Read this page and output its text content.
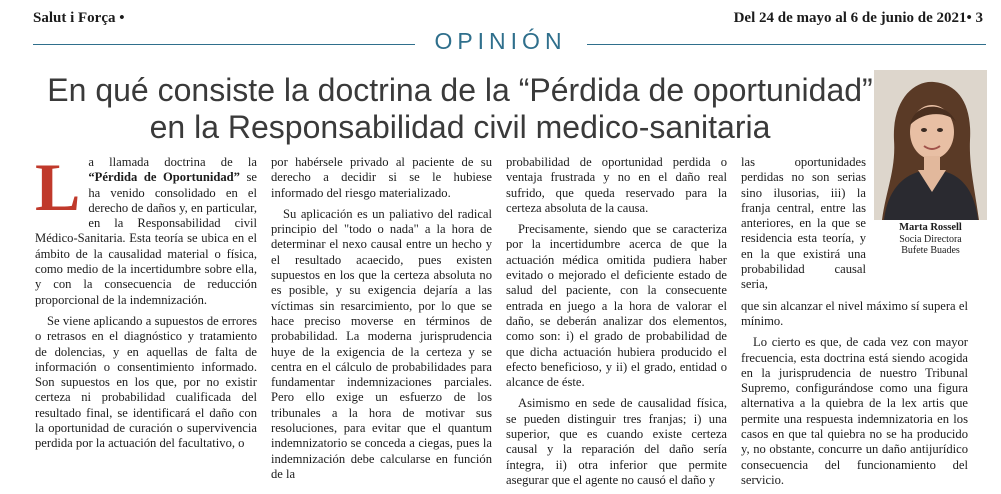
Salut i Força •	Del 24 de mayo al 6 de junio de 2021• 3
OPINIÓN
En qué consiste la doctrina de la “Pérdida de oportunidad” en la Responsabilidad civil medico-sanitaria
Marta Rossell
Socia Directora
Bufete Buades

La llamada doctrina de la “Pérdida de Oportunidad” se ha venido consolidado en el derecho de daños y, en particular, en la Responsabilidad civil Médico-Sanitaria. Esta teoría se ubica en el ámbito de la causalidad material o física, como medio de la incertidumbre sobre ella, y con la consecuencia de reducción proporcional de la indemnización.

Se viene aplicando a supuestos de errores o retrasos en el diagnóstico y tratamiento de dolencias, y en aquellas de falta de información o consentimiento informado. Son supuestos en los que, por no existir certeza ni probabilidad cualificada del resultado final, se identificará el daño con la oportunidad de curación o supervivencia perdida por la actuación del facultativo, o

por habérsele privado al paciente de su derecho a decidir si se le hubiese informado del riesgo materializado.

Su aplicación es un paliativo del radical principio del "todo o nada" a la hora de determinar el nexo causal entre un hecho y el resultado acaecido, pues existen supuestos en los que la certeza absoluta no es posible, y su exigencia dejaría a las víctimas sin resarcimiento, por lo que se hace preciso moverse en términos de probabilidad. La moderna jurisprudencia huye de la exigencia de la certeza y se centra en el cálculo de probabilidades para fundamentar indemnizaciones parciales. Pero ello exige un esfuerzo de los tribunales a la hora de motivar sus resoluciones, para evitar que el quantum indemnizatorio se conceda a ciegas, pues la indemnización debe calcularse en función de la

probabilidad de oportunidad perdida o ventaja frustrada y no en el daño real sufrido, que queda reservado para la certeza absoluta de la causa.

Precisamente, siendo que se caracteriza por la incertidumbre acerca de que la actuación médica omitida pudiera haber evitado o mejorado el deficiente estado de salud del paciente, con la consecuente entrada en juego a la hora de valorar el daño, se deberán analizar dos elementos, como son: i) el grado de probabilidad de que dicha actuación hubiera producido el efecto beneficioso, y ii) el grado, entidad o alcance de éste.

Asimismo en sede de causalidad física, se pueden distinguir tres franjas; i) una superior, que es cuando existe certeza causal y la reparación del daño sería íntegra, ii) otra inferior que permite asegurar que el agente no causó el daño y

las oportunidades perdidas no son serias sino ilusorias, iii) la franja central, entre las anteriores, en la que se residencia esta teoría, y en la que existirá una probabilidad causal seria,

que sin alcanzar el nivel máximo sí supera el mínimo.

Lo cierto es que, de cada vez con mayor frecuencia, esta doctrina está siendo acogida en la jurisprudencia de nuestro Tribunal Supremo, configurándose como una figura alternativa a la quiebra de la lex artis que permite una respuesta indemnizatoria en los casos en que tal quiebra no se ha producido y, no obstante, concurre un daño antijurídico consecuencia del funcionamiento del servicio.
